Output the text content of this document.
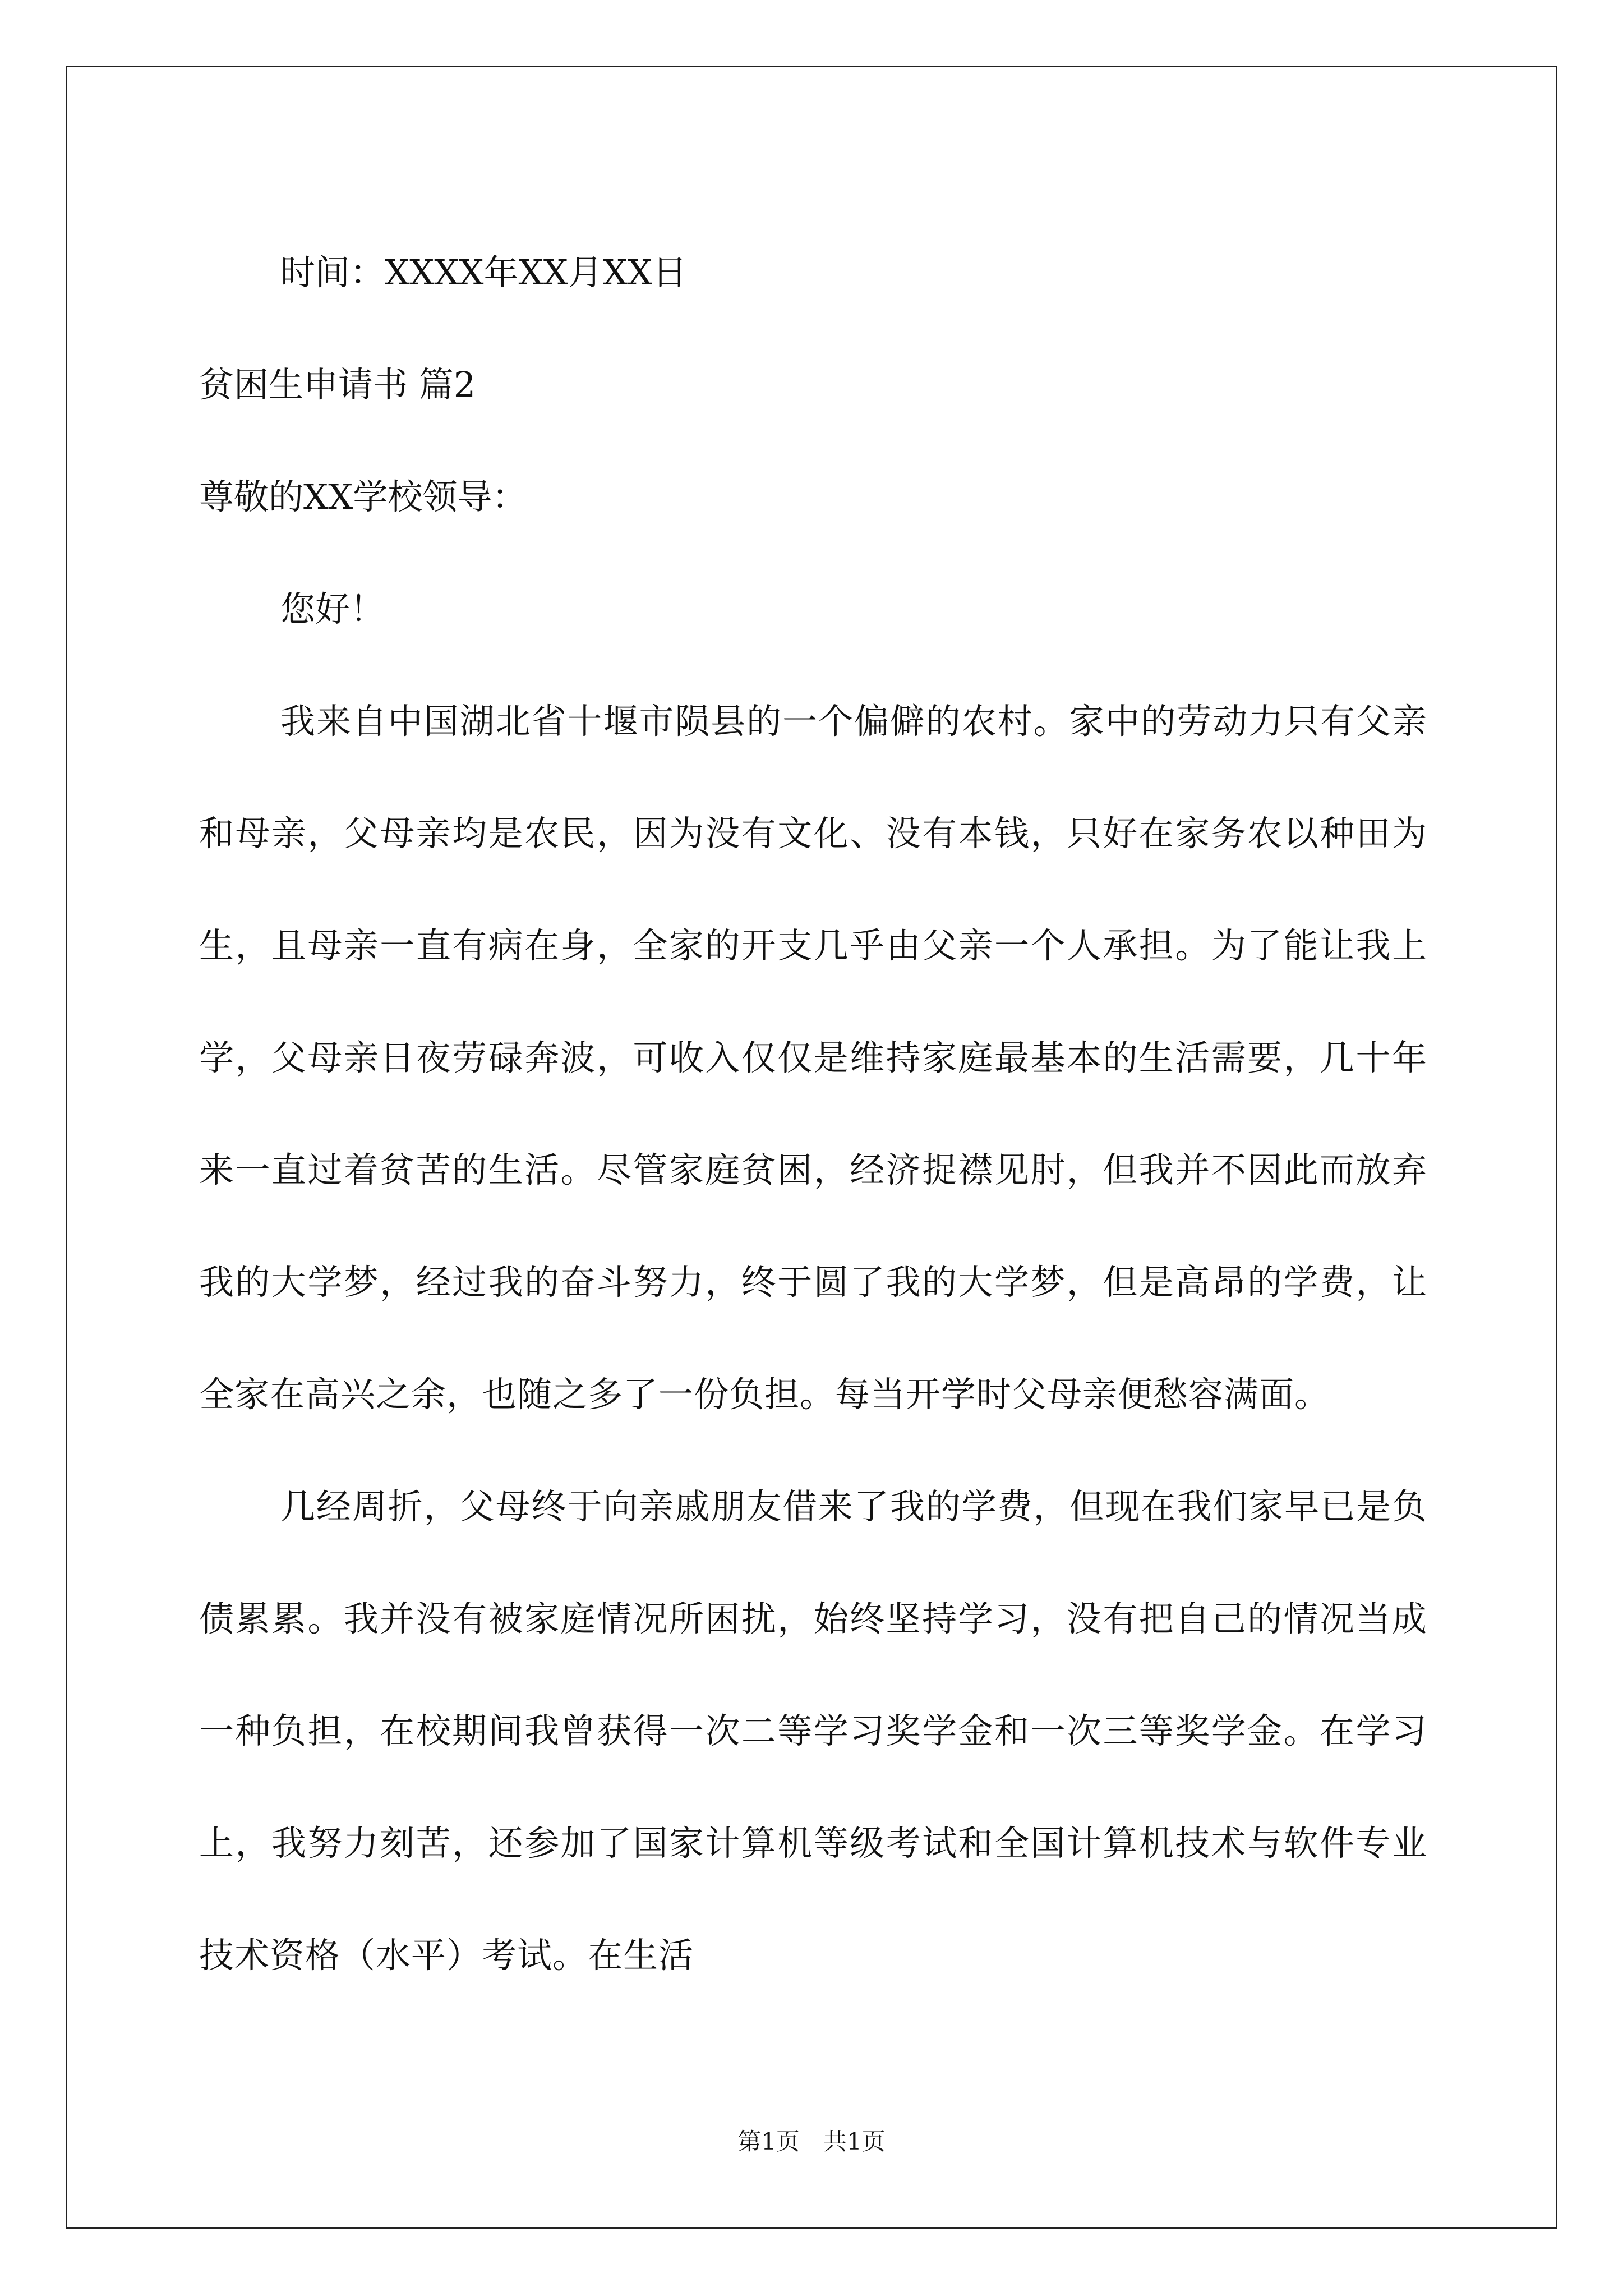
时间：XXXX年XX月XX日

贫困生申请书 篇2

尊敬的XX学校领导：

您好！

我来自中国湖北省十堰市陨县的一个偏僻的农村。家中的劳动力只有父亲和母亲，父母亲均是农民，因为没有文化、没有本钱，只好在家务农以种田为生，且母亲一直有病在身，全家的开支几乎由父亲一个人承担。为了能让我上学，父母亲日夜劳碌奔波，可收入仅仅是维持家庭最基本的生活需要，几十年来一直过着贫苦的生活。尽管家庭贫困，经济捉襟见肘，但我并不因此而放弃我的大学梦，经过我的奋斗努力，终于圆了我的大学梦，但是高昂的学费，让全家在高兴之余，也随之多了一份负担。每当开学时父母亲便愁容满面。

几经周折，父母终于向亲戚朋友借来了我的学费，但现在我们家早已是负债累累。我并没有被家庭情况所困扰，始终坚持学习，没有把自己的情况当成一种负担，在校期间我曾获得一次二等学习奖学金和一次三等奖学金。在学习上，我努力刻苦，还参加了国家计算机等级考试和全国计算机技术与软件专业技术资格（水平）考试。在生活

第1页　共1页
